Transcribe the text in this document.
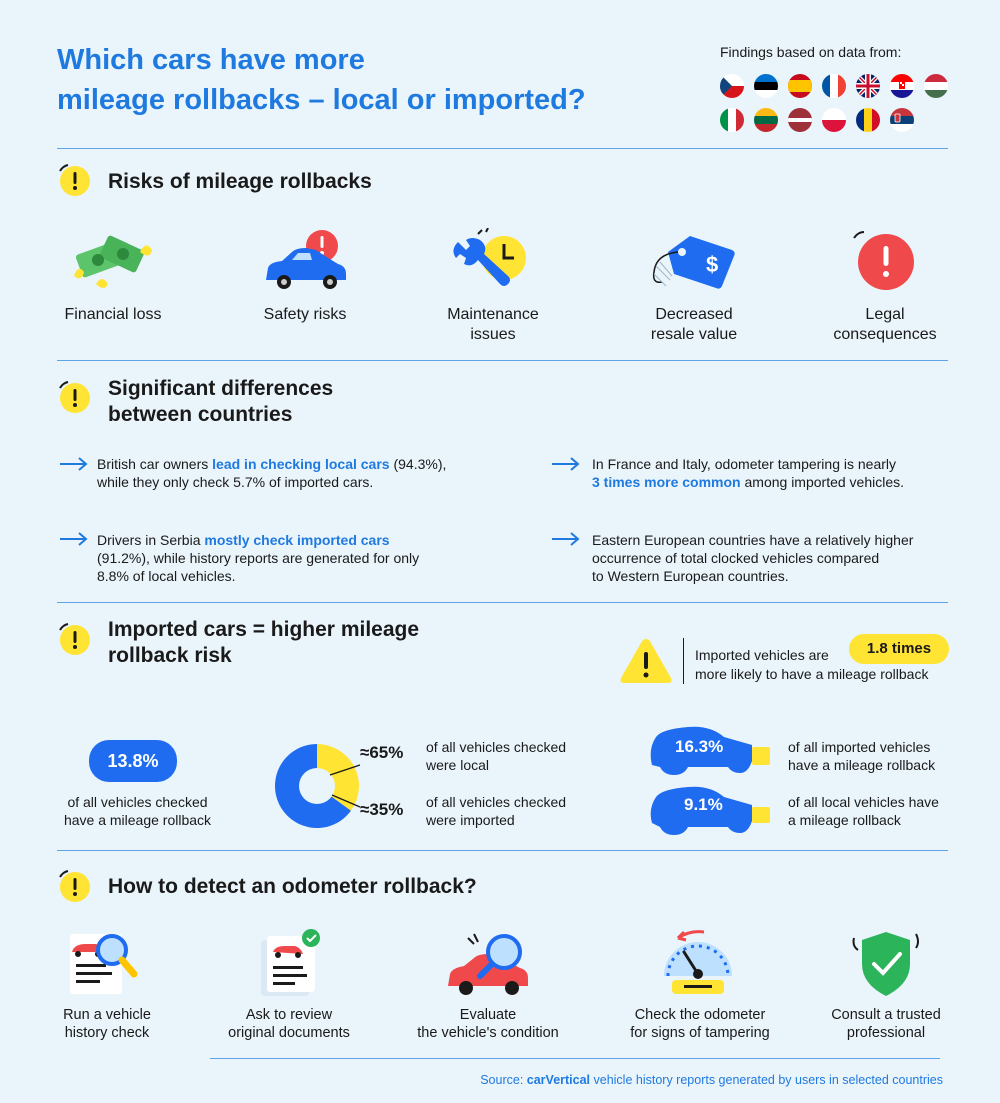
Which cars have more
mileage rollbacks – local or imported?
Findings based on data from:
Risks of mileage rollbacks
$
Financial loss	Safety risks	Maintenance
issues
Decreased
resale value
Legal
consequences
Significant differences
between countries
British car owners lead in checking local cars (94.3%),
while they only check 5.7% of imported cars.
In France and Italy, odometer tampering is nearly
3 times more common among imported vehicles.
Drivers in Serbia mostly check imported cars
(91.2%), while history reports are generated for only
8.8% of local vehicles.
Eastern European countries have a relatively higher
occurrence of total clocked vehicles compared
to Western European countries.
Imported cars = higher mileage
rollback risk	Imported vehicles are	1.8 times
more likely to have a mileage rollback
13.8%
of all vehicles checked
have a mileage rollback
≈65%
≈35%
of all vehicles checked
were local
of all vehicles checked
were imported
16.3%	of all imported vehicles
have a mileage rollback
9.1%	of all local vehicles have
a mileage rollback
How to detect an odometer rollback?
Run a vehicle
history check
Ask to review
original documents
Evaluate
the vehicle's condition
Check the odometer
for signs of tampering
Consult a trusted
professional
Source: carVertical vehicle history reports generated by users in selected countries
